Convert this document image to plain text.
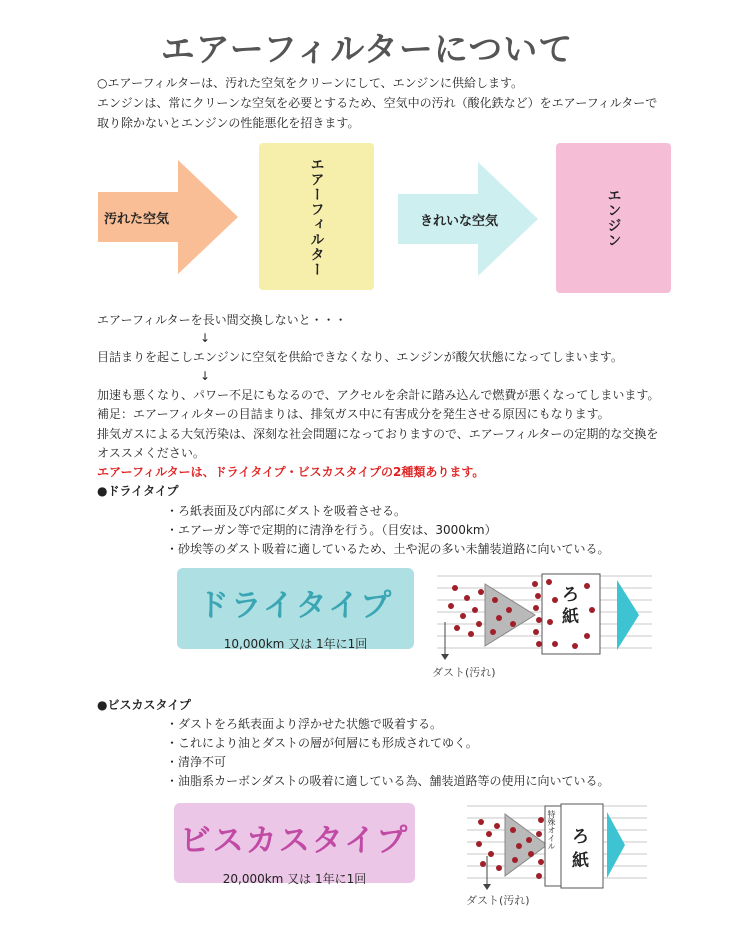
エアーフィルターについて
○エアーフィルターは、汚れた空気をクリーンにして、エンジンに供給します。
エンジンは、常にクリーンな空気を必要とするため、空気中の汚れ（酸化鉄など）をエアーフィルターで
取り除かないとエンジンの性能悪化を招きます。
汚れた空気	エアーフィルター	きれいな空気	エンジン
エアーフィルターを長い間交換しないと・・・
↓
目詰まりを起こしエンジンに空気を供給できなくなり、エンジンが酸欠状態になってしまいます。
↓
加速も悪くなり、パワー不足にもなるので、アクセルを余計に踏み込んで燃費が悪くなってしまいます。
補足：エアーフィルターの目詰まりは、排気ガス中に有害成分を発生させる原因にもなります。
排気ガスによる大気汚染は、深刻な社会問題になっておりますので、エアーフィルターの定期的な交換を
オススメください。
エアーフィルターは、ドライタイプ・ビスカスタイプの2種類あります。
●ドライタイプ
・ろ紙表面及び内部にダストを吸着させる。
・エアーガン等で定期的に清浄を行う。（目安は、3000km）
・砂埃等のダスト吸着に適しているため、土や泥の多い未舗装道路に向いている。
ドライタイプ
10,000km 又は 1年に1回
ろ
紙
ダスト(汚れ)
●ビスカスタイプ
・ダストをろ紙表面より浮かせた状態で吸着する。
・これにより油とダストの層が何層にも形成されてゆく。
・清浄不可
・油脂系カーボンダストの吸着に適している為、舗装道路等の使用に向いている。
ビスカスタイプ
20,000km 又は 1年に1回
特殊オイル ろ
紙
ダスト(汚れ)
